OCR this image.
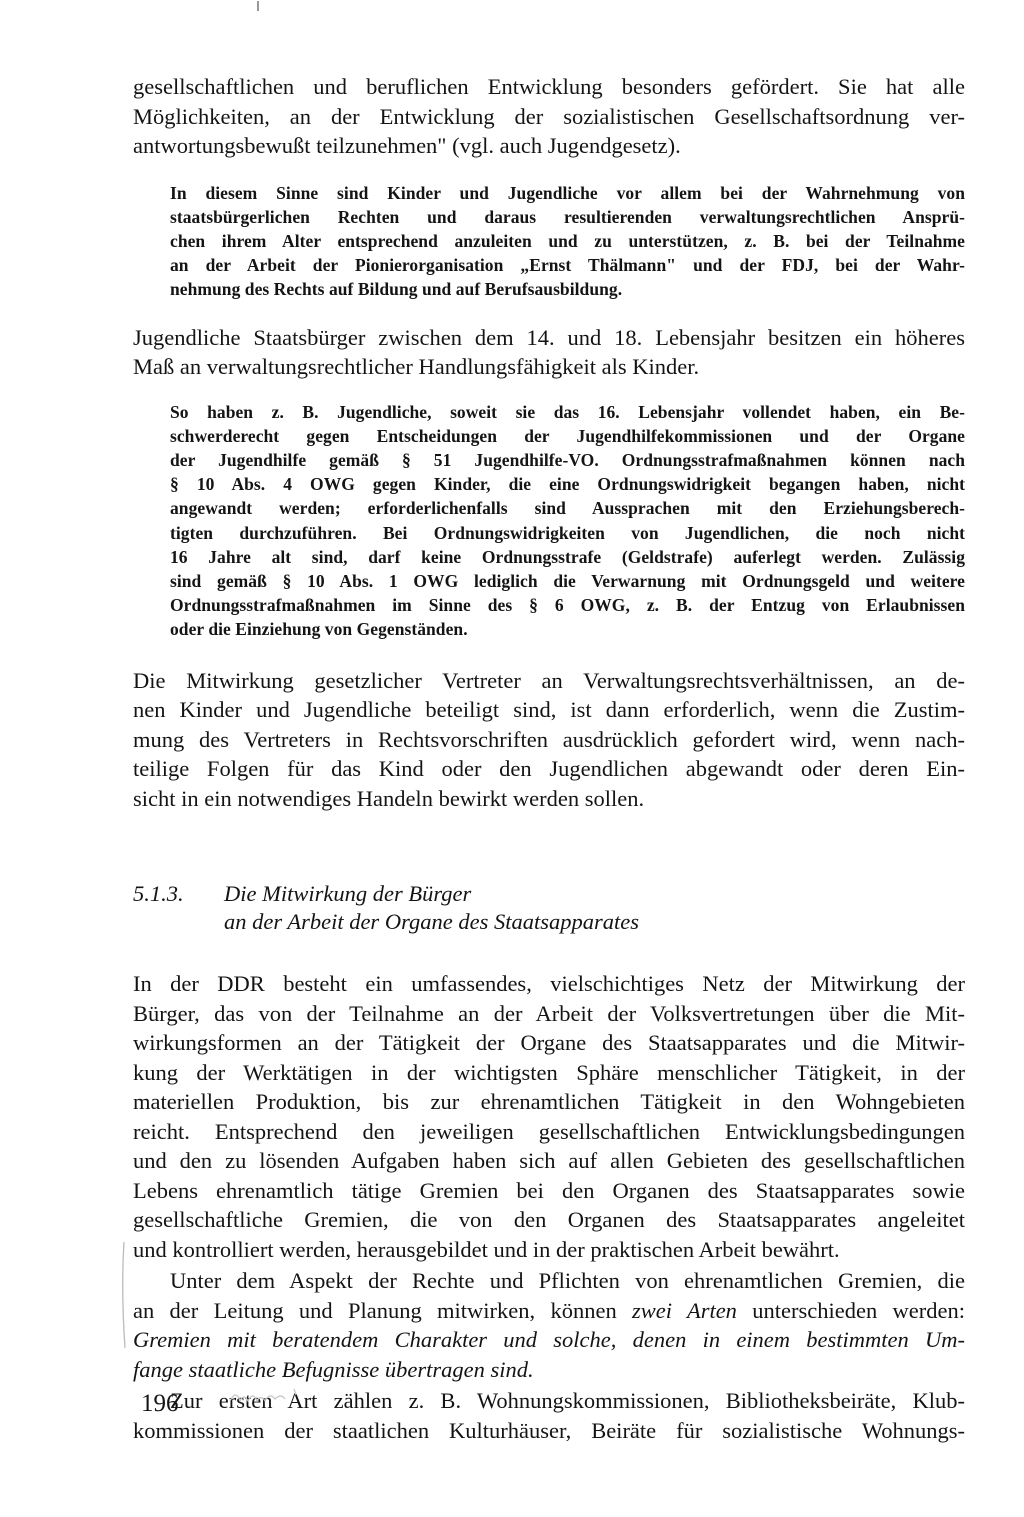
gesellschaftlichen und beruflichen Entwicklung besonders gefördert. Sie hat alle
Möglichkeiten, an der Entwicklung der sozialistischen Gesellschaftsordnung ver-
antwortungsbewußt teilzunehmen" (vgl. auch Jugendgesetz).

In diesem Sinne sind Kinder und Jugendliche vor allem bei der Wahrnehmung von
staatsbürgerlichen Rechten und daraus resultierenden verwaltungsrechtlichen Ansprü-
chen ihrem Alter entsprechend anzuleiten und zu unterstützen, z. B. bei der Teilnahme
an der Arbeit der Pionierorganisation „Ernst Thälmann" und der FDJ, bei der Wahr-
nehmung des Rechts auf Bildung und auf Berufsausbildung.

Jugendliche Staatsbürger zwischen dem 14. und 18. Lebensjahr besitzen ein höheres
Maß an verwaltungsrechtlicher Handlungsfähigkeit als Kinder.

So haben z. B. Jugendliche, soweit sie das 16. Lebensjahr vollendet haben, ein Be-
schwerderecht gegen Entscheidungen der Jugendhilfekommissionen und der Organe
der Jugendhilfe gemäß § 51 Jugendhilfe-VO. Ordnungsstrafmaßnahmen können nach
§ 10 Abs. 4 OWG gegen Kinder, die eine Ordnungswidrigkeit begangen haben, nicht
angewandt werden; erforderlichenfalls sind Aussprachen mit den Erziehungsberech-
tigten durchzuführen. Bei Ordnungswidrigkeiten von Jugendlichen, die noch nicht
16 Jahre alt sind, darf keine Ordnungsstrafe (Geldstrafe) auferlegt werden. Zulässig
sind gemäß § 10 Abs. 1 OWG lediglich die Verwarnung mit Ordnungsgeld und weitere
Ordnungsstrafmaßnahmen im Sinne des § 6 OWG, z. B. der Entzug von Erlaubnissen
oder die Einziehung von Gegenständen.

Die Mitwirkung gesetzlicher Vertreter an Verwaltungsrechtsverhältnissen, an de-
nen Kinder und Jugendliche beteiligt sind, ist dann erforderlich, wenn die Zustim-
mung des Vertreters in Rechtsvorschriften ausdrücklich gefordert wird, wenn nach-
teilige Folgen für das Kind oder den Jugendlichen abgewandt oder deren Ein-
sicht in ein notwendiges Handeln bewirkt werden sollen.

5.1.3.	Die Mitwirkung der Bürger
an der Arbeit der Organe des Staatsapparates

In der DDR besteht ein umfassendes, vielschichtiges Netz der Mitwirkung der
Bürger, das von der Teilnahme an der Arbeit der Volksvertretungen über die Mit-
wirkungsformen an der Tätigkeit der Organe des Staatsapparates und die Mitwir-
kung der Werktätigen in der wichtigsten Sphäre menschlicher Tätigkeit, in der
materiellen Produktion, bis zur ehrenamtlichen Tätigkeit in den Wohngebieten
reicht. Entsprechend den jeweiligen gesellschaftlichen Entwicklungsbedingungen
und den zu lösenden Aufgaben haben sich auf allen Gebieten des gesellschaftlichen
Lebens ehrenamtlich tätige Gremien bei den Organen des Staatsapparates sowie
gesellschaftliche Gremien, die von den Organen des Staatsapparates angeleitet
und kontrolliert werden, herausgebildet und in der praktischen Arbeit bewährt.

Unter dem Aspekt der Rechte und Pflichten von ehrenamtlichen Gremien, die
an der Leitung und Planung mitwirken, können zwei Arten unterschieden werden:
Gremien mit beratendem Charakter und solche, denen in einem bestimmten Um-
fange staatliche Befugnisse übertragen sind.

Zur ersten Art zählen z. B. Wohnungskommissionen, Bibliotheksbeiräte, Klub-
kommissionen der staatlichen Kulturhäuser, Beiräte für sozialistische Wohnungs-

196
